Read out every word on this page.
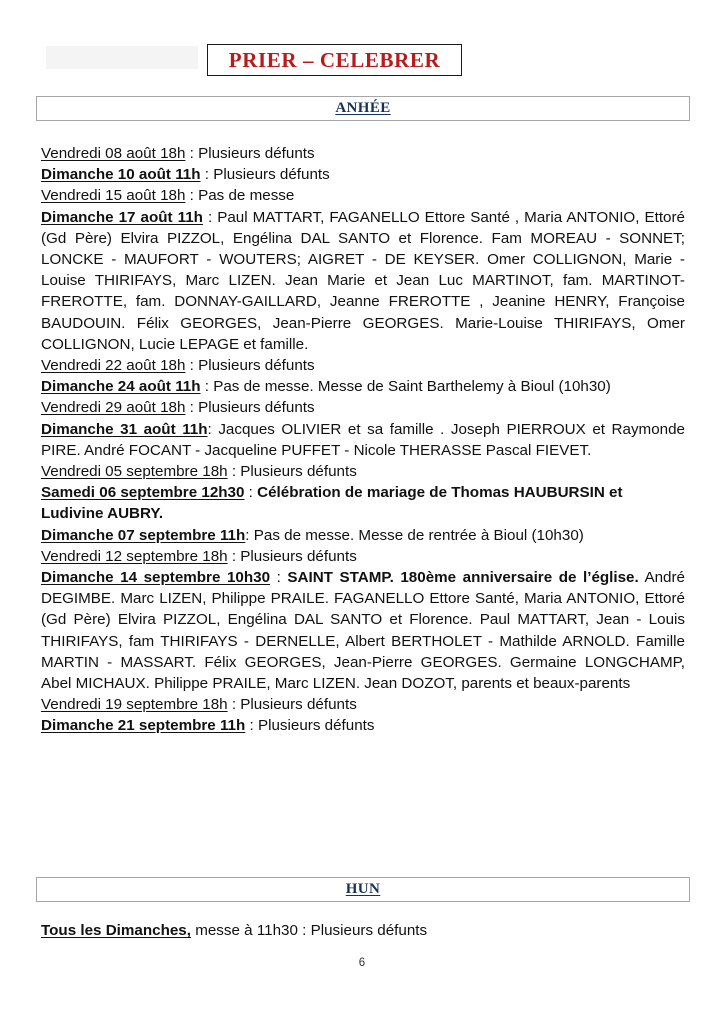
PRIER – CELEBRER
ANHÉE

Vendredi 08 août 18h : Plusieurs défunts

Dimanche 10 août 11h : Plusieurs défunts

Vendredi 15 août 18h : Pas de messe

Dimanche 17 août 11h : Paul MATTART, FAGANELLO Ettore Santé , Maria ANTONIO, Ettoré (Gd Père) Elvira PIZZOL, Engélina DAL SANTO et Florence. Fam MOREAU - SONNET; LONCKE - MAUFORT - WOUTERS; AIGRET - DE KEYSER. Omer COLLIGNON, Marie - Louise THIRIFAYS, Marc LIZEN. Jean Marie et Jean Luc MARTINOT, fam. MARTINOT-FREROTTE, fam. DONNAY-GAILLARD, Jeanne FREROTTE , Jeanine HENRY, Françoise BAUDOUIN. Félix GEORGES, Jean-Pierre GEORGES. Marie-Louise THIRIFAYS, Omer COLLIGNON, Lucie LEPAGE et famille.

Vendredi 22 août 18h : Plusieurs défunts

Dimanche 24 août 11h : Pas de messe. Messe de Saint Barthelemy à Bioul (10h30)

Vendredi 29 août 18h : Plusieurs défunts

Dimanche 31 août 11h: Jacques OLIVIER et sa famille . Joseph PIERROUX et Raymonde PIRE. André FOCANT - Jacqueline PUFFET - Nicole THERASSE Pascal FIEVET.

Vendredi 05 septembre 18h : Plusieurs défunts

Samedi 06 septembre 12h30 : Célébration de mariage de Thomas HAUBURSIN et Ludivine AUBRY.

Dimanche 07 septembre 11h: Pas de messe. Messe de rentrée à Bioul (10h30)

Vendredi 12 septembre 18h : Plusieurs défunts

Dimanche 14 septembre 10h30 : SAINT STAMP. 180ème anniversaire de l’église. André DEGIMBE. Marc LIZEN, Philippe PRAILE. FAGANELLO Ettore Santé, Maria ANTONIO, Ettoré (Gd Père) Elvira PIZZOL, Engélina DAL SANTO et Florence. Paul MATTART, Jean - Louis THIRIFAYS, fam THIRIFAYS - DERNELLE, Albert BERTHOLET - Mathilde ARNOLD. Famille MARTIN - MASSART. Félix GEORGES, Jean-Pierre GEORGES. Germaine LONGCHAMP, Abel MICHAUX. Philippe PRAILE, Marc LIZEN. Jean DOZOT, parents et beaux-parents

Vendredi 19 septembre 18h : Plusieurs défunts

Dimanche 21 septembre 11h : Plusieurs défunts

HUN

Tous les Dimanches, messe à 11h30 : Plusieurs défunts

6
